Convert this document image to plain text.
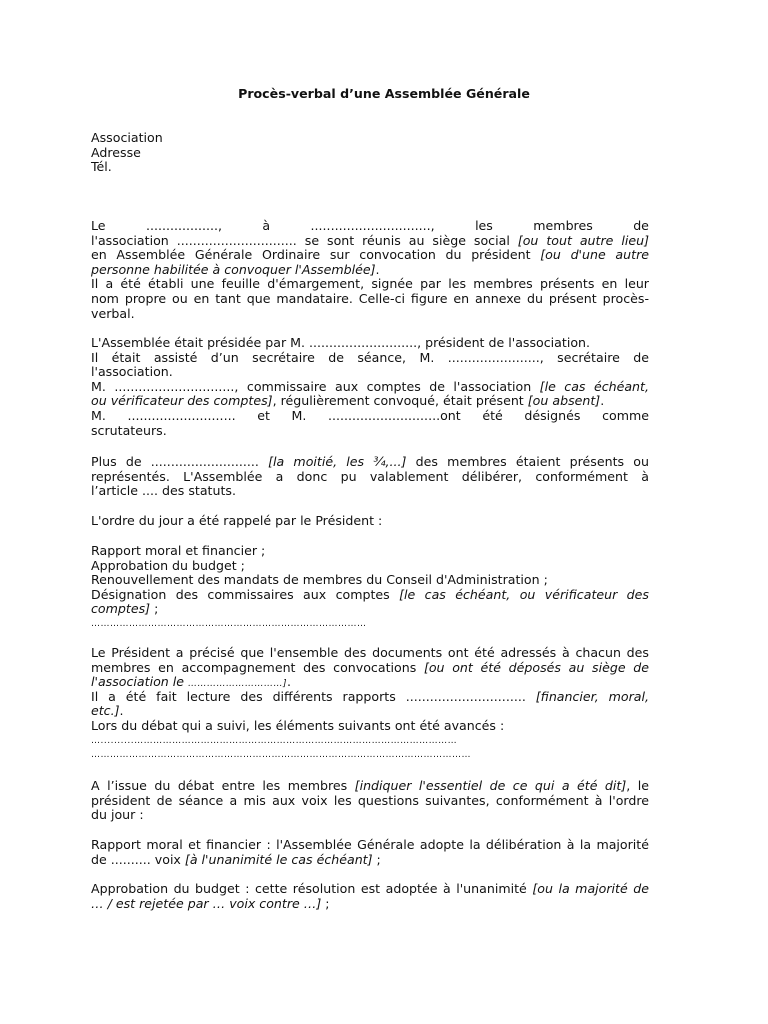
Procès-verbal d’une Assemblée Générale
Association
Adresse
Tél.
Le	..................,	à	..............................,	les	membres	de
l'association .............................. se sont réunis au siège social [ou tout autre lieu]
en Assemblée Générale Ordinaire sur convocation du président [ou d'une autre
personne habilitée à convoquer l'Assemblée].
Il a été établi une feuille d'émargement, signée par les membres présents en leur
nom propre ou en tant que mandataire. Celle-ci figure en annexe du présent procès-
verbal.
L'Assemblée était présidée par M. ..........................., président de l'association.
Il était assisté d’un secrétaire de séance, M. ......................., secrétaire de
l'association.
M. .............................., commissaire aux comptes de l'association [le cas échéant,
ou vérificateur des comptes], régulièrement convoqué, était présent [ou absent].
M.   ...........................   et   M.   ............................ont   été   désignés   comme
scrutateurs.
Plus de ........................... [la moitié, les ¾,...] des membres étaient présents ou
représentés. L'Assemblée a donc pu valablement délibérer, conformément à
l’article .... des statuts.
L'ordre du jour a été rappelé par le Président :
Rapport moral et financier ;
Approbation du budget ;
Renouvellement des mandats de membres du Conseil d'Administration ;
Désignation des commissaires aux comptes [le cas échéant, ou vérificateur des
comptes] ;
……………………………………………………………………………
Le Président a précisé que l'ensemble des documents ont été adressés à chacun des
membres en accompagnement des convocations [ou ont été déposés au siège de
l'association le …………………………].
Il a été fait lecture des différents rapports .............................. [financier, moral,
etc.].
Lors du débat qui a suivi, les éléments suivants ont été avancés :
…..........…………………………………………………………………………………………
…………………………………………………………………………………………………………
A l’issue du débat entre les membres [indiquer l'essentiel de ce qui a été dit], le
président de séance a mis aux voix les questions suivantes, conformément à l'ordre
du jour :
Rapport moral et financier : l'Assemblée Générale adopte la délibération à la majorité
de .......... voix [à l'unanimité le cas échéant] ;
Approbation du budget : cette résolution est adoptée à l'unanimité [ou la majorité de
… / est rejetée par … voix contre …] ;
